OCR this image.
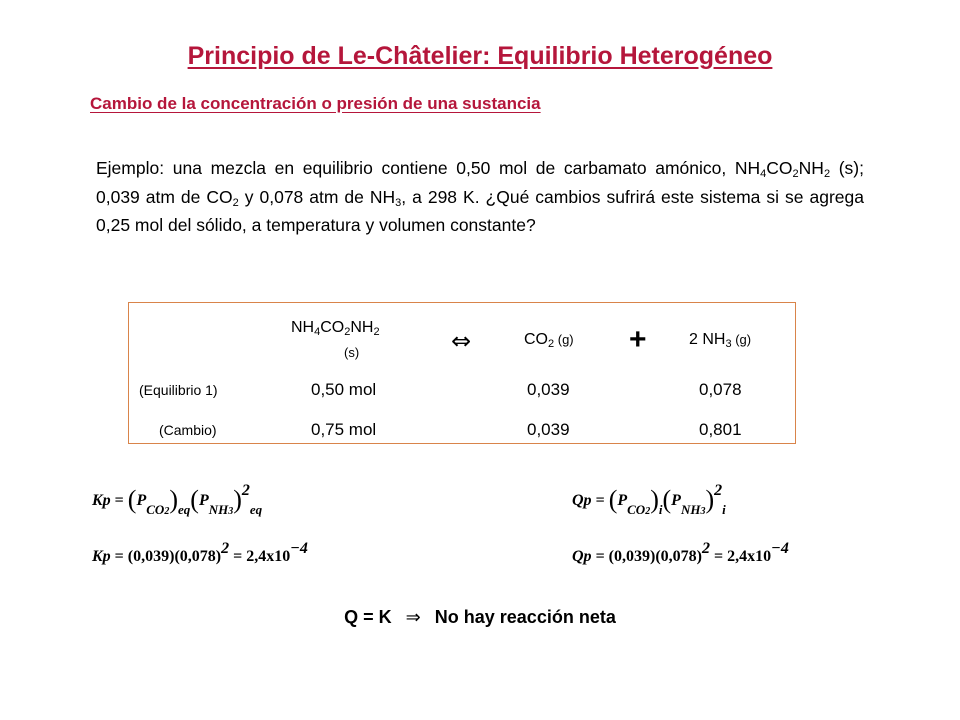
Principio de Le-Châtelier: Equilibrio Heterogéneo
Cambio de la concentración o presión de una sustancia
Ejemplo: una mezcla en equilibrio contiene 0,50 mol de carbamato amónico, $NH_4CO_2NH_2$ (s); 0,039 atm de $CO_2$ y 0,078 atm de $NH_3$, a 298 K. ¿Qué cambios sufrirá este sistema si se agrega 0,25 mol del sólido, a temperatura y volumen constante?
$NH_4CO_2NH_2$
(s)	⇔	$CO_2$ (g) +	2 $NH_3$ (g)
(Equilibrio 1)	0,50 mol	0,039	0,078
(Cambio)	0,75 mol	0,039	0,801
$Kp = (P_{CO2})_{eq}(P_{NH3})2_{eq}$
Kp = (0,039)(0,078)2 = 2,4x10−4
$Qp = (P_{CO2})_i(P_{NH3})2_i$
Qp = (0,039)(0,078)2 = 2,4x10−4
Q = K ⇒ No hay reacción neta
